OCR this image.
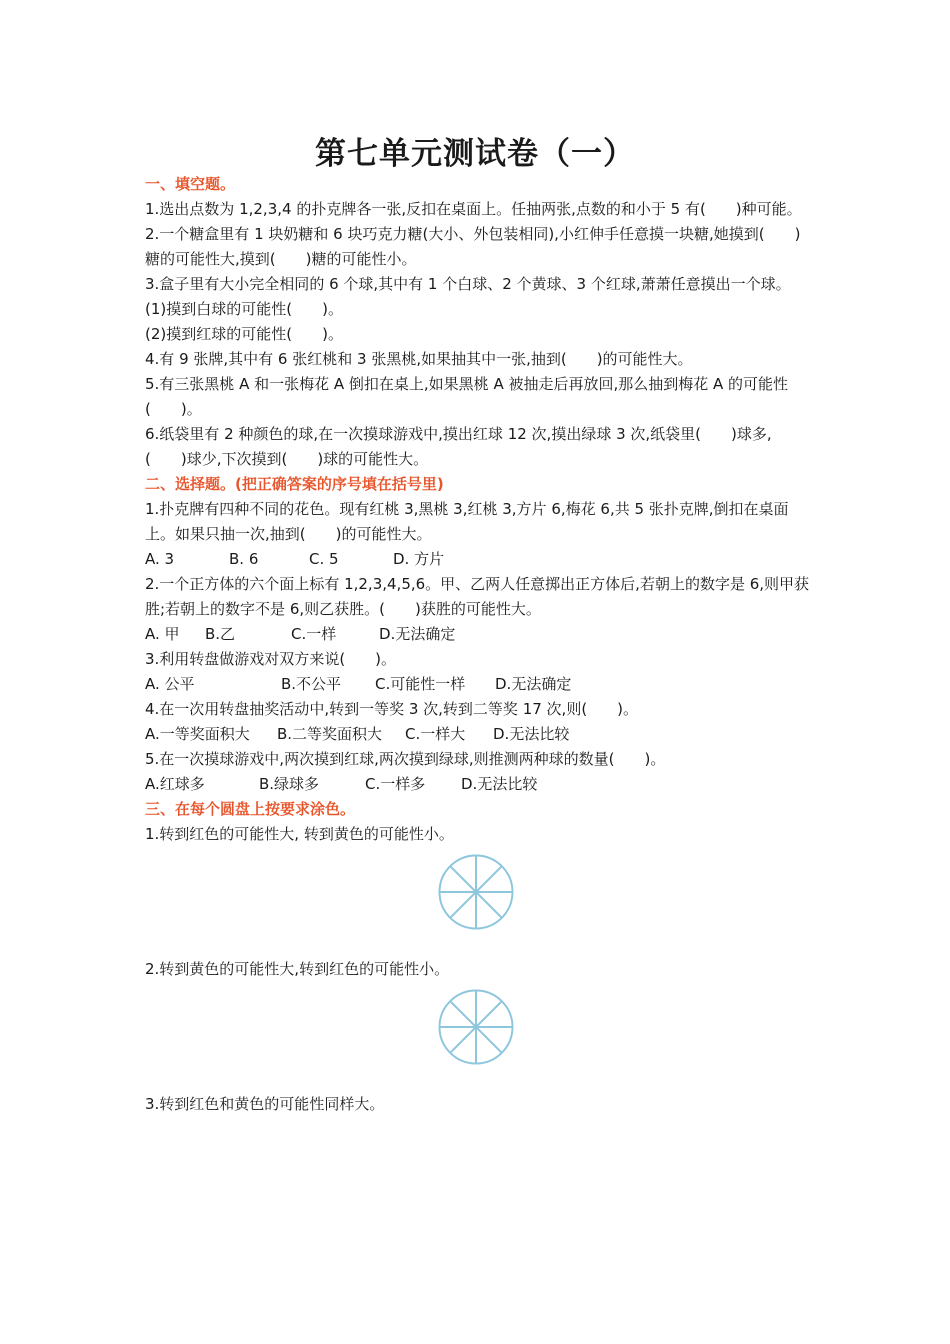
第七单元测试卷（一）
一、填空题。

1.选出点数为 1,2,3,4 的扑克牌各一张,反扣在桌面上。任抽两张,点数的和小于 5 有(　　)种可能。

2.一个糖盒里有 1 块奶糖和 6 块巧克力糖(大小、外包装相同),小红伸手任意摸一块糖,她摸到(　　)糖的可能性大,摸到(　　)糖的可能性小。

3.盒子里有大小完全相同的 6 个球,其中有 1 个白球、2 个黄球、3 个红球,萧萧任意摸出一个球。

(1)摸到白球的可能性(　　)。

(2)摸到红球的可能性(　　)。

4.有 9 张牌,其中有 6 张红桃和 3 张黑桃,如果抽其中一张,抽到(　　)的可能性大。

5.有三张黑桃 A 和一张梅花 A 倒扣在桌上,如果黑桃 A 被抽走后再放回,那么抽到梅花 A 的可能性(　　)。

6.纸袋里有 2 种颜色的球,在一次摸球游戏中,摸出红球 12 次,摸出绿球 3 次,纸袋里(　　)球多,(　　)球少,下次摸到(　　)球的可能性大。

二、选择题。(把正确答案的序号填在括号里)

1.扑克牌有四种不同的花色。现有红桃 3,黑桃 3,红桃 3,方片 6,梅花 6,共 5 张扑克牌,倒扣在桌面上。如果只抽一次,抽到(　　)的可能性大。

A. 3	B. 6	C. 5	D. 方片

2.一个正方体的六个面上标有 1,2,3,4,5,6。甲、乙两人任意掷出正方体后,若朝上的数字是 6,则甲获胜;若朝上的数字不是 6,则乙获胜。(　　)获胜的可能性大。

A. 甲	B.乙	C.一样	D.无法确定

3.利用转盘做游戏对双方来说(　　)。

A. 公平	B.不公平	C.可能性一样	D.无法确定

4.在一次用转盘抽奖活动中,转到一等奖 3 次,转到二等奖 17 次,则(　　)。

A.一等奖面积大	B.二等奖面积大	C.一样大	D.无法比较

5.在一次摸球游戏中,两次摸到红球,两次摸到绿球,则推测两种球的数量(　　)。

A.红球多	B.绿球多	C.一样多	D.无法比较
三、在每个圆盘上按要求涂色。

1.转到红色的可能性大, 转到黄色的可能性小。

2.转到黄色的可能性大,转到红色的可能性小。

3.转到红色和黄色的可能性同样大。
